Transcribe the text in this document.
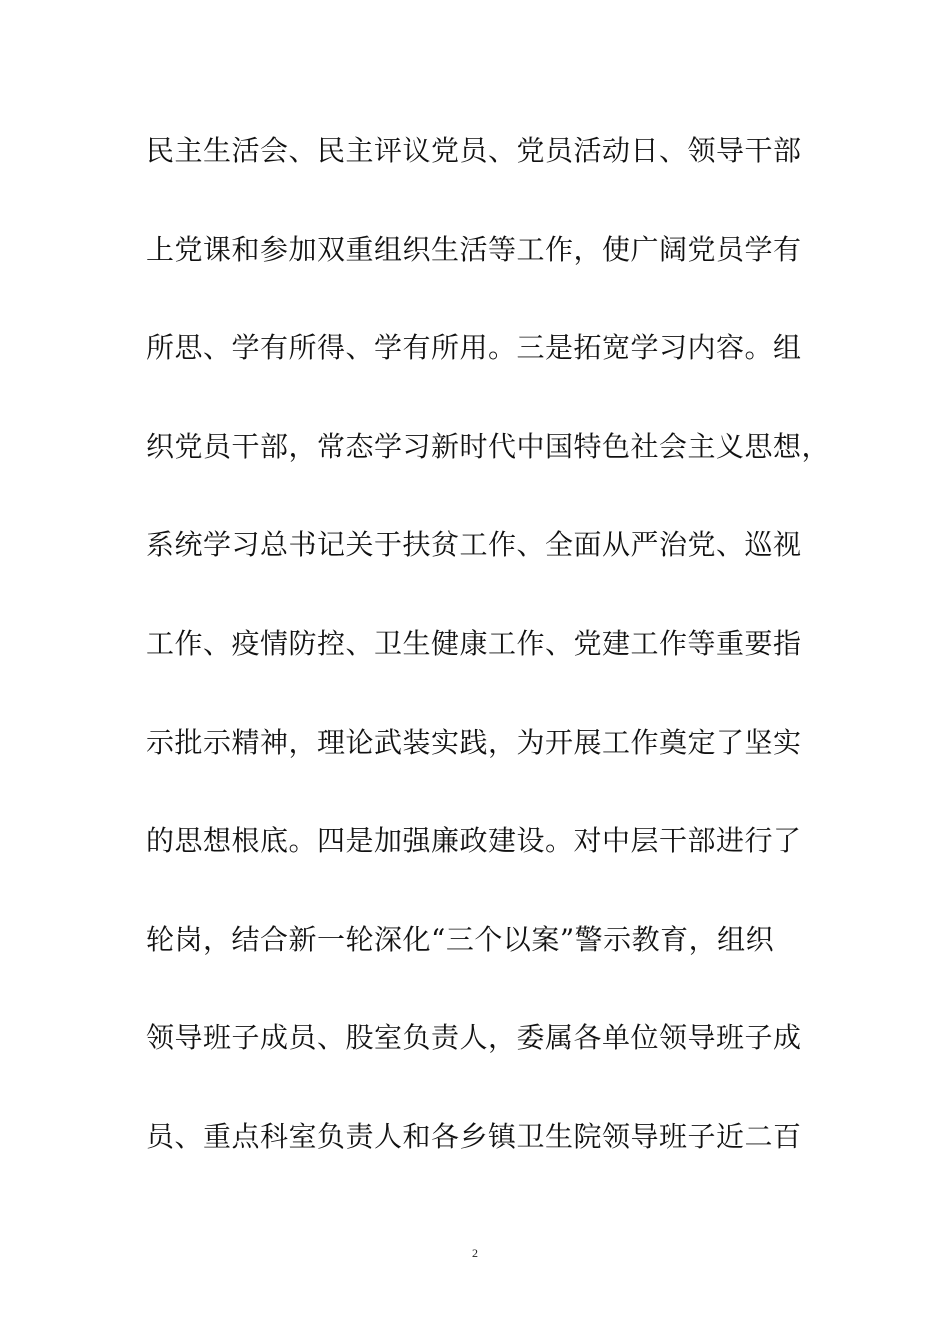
民主生活会、民主评议党员、党员活动日、领导干部
上党课和参加双重组织生活等工作，使广阔党员学有
所思、学有所得、学有所用。三是拓宽学习内容。组
织党员干部，常态学习新时代中国特色社会主义思想，
系统学习总书记关于扶贫工作、全面从严治党、巡视
工作、疫情防控、卫生健康工作、党建工作等重要指
示批示精神，理论武装实践，为开展工作奠定了坚实
的思想根底。四是加强廉政建设。对中层干部进行了
轮岗，结合新一轮深化“三个以案”警示教育，组织
领导班子成员、股室负责人，委属各单位领导班子成
员、重点科室负责人和各乡镇卫生院领导班子近二百
2
